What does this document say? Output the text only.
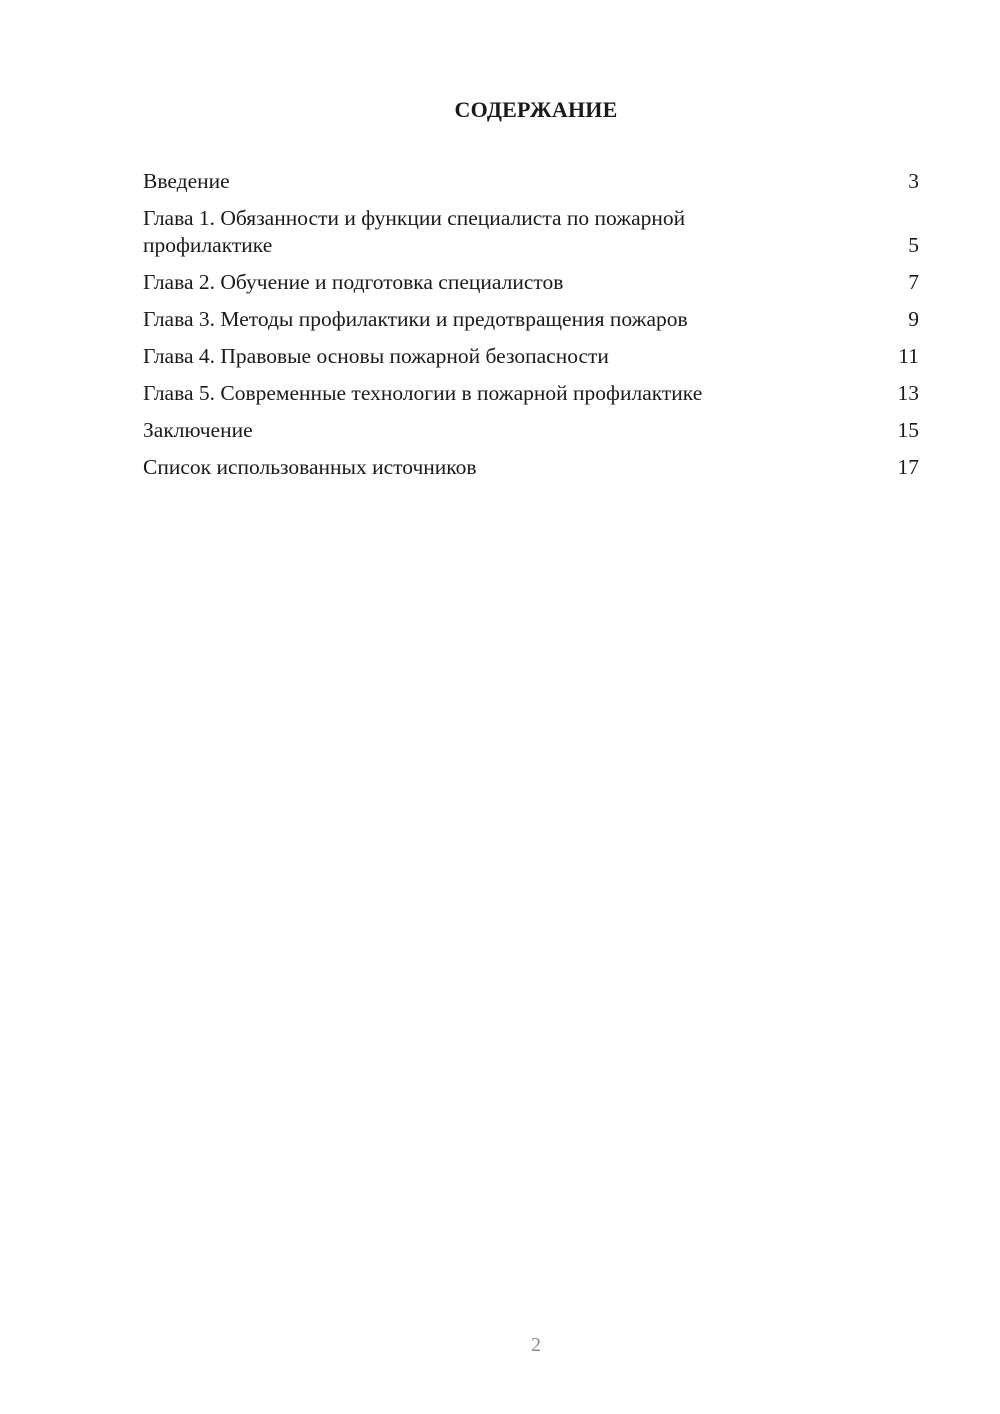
СОДЕРЖАНИЕ
Введение	3
Глава 1. Обязанности и функции специалиста по пожарной
профилактике	5
Глава 2. Обучение и подготовка специалистов	7
Глава 3. Методы профилактики и предотвращения пожаров	9
Глава 4. Правовые основы пожарной безопасности	11
Глава 5. Современные технологии в пожарной профилактике	13
Заключение	15
Список использованных источников	17
2
